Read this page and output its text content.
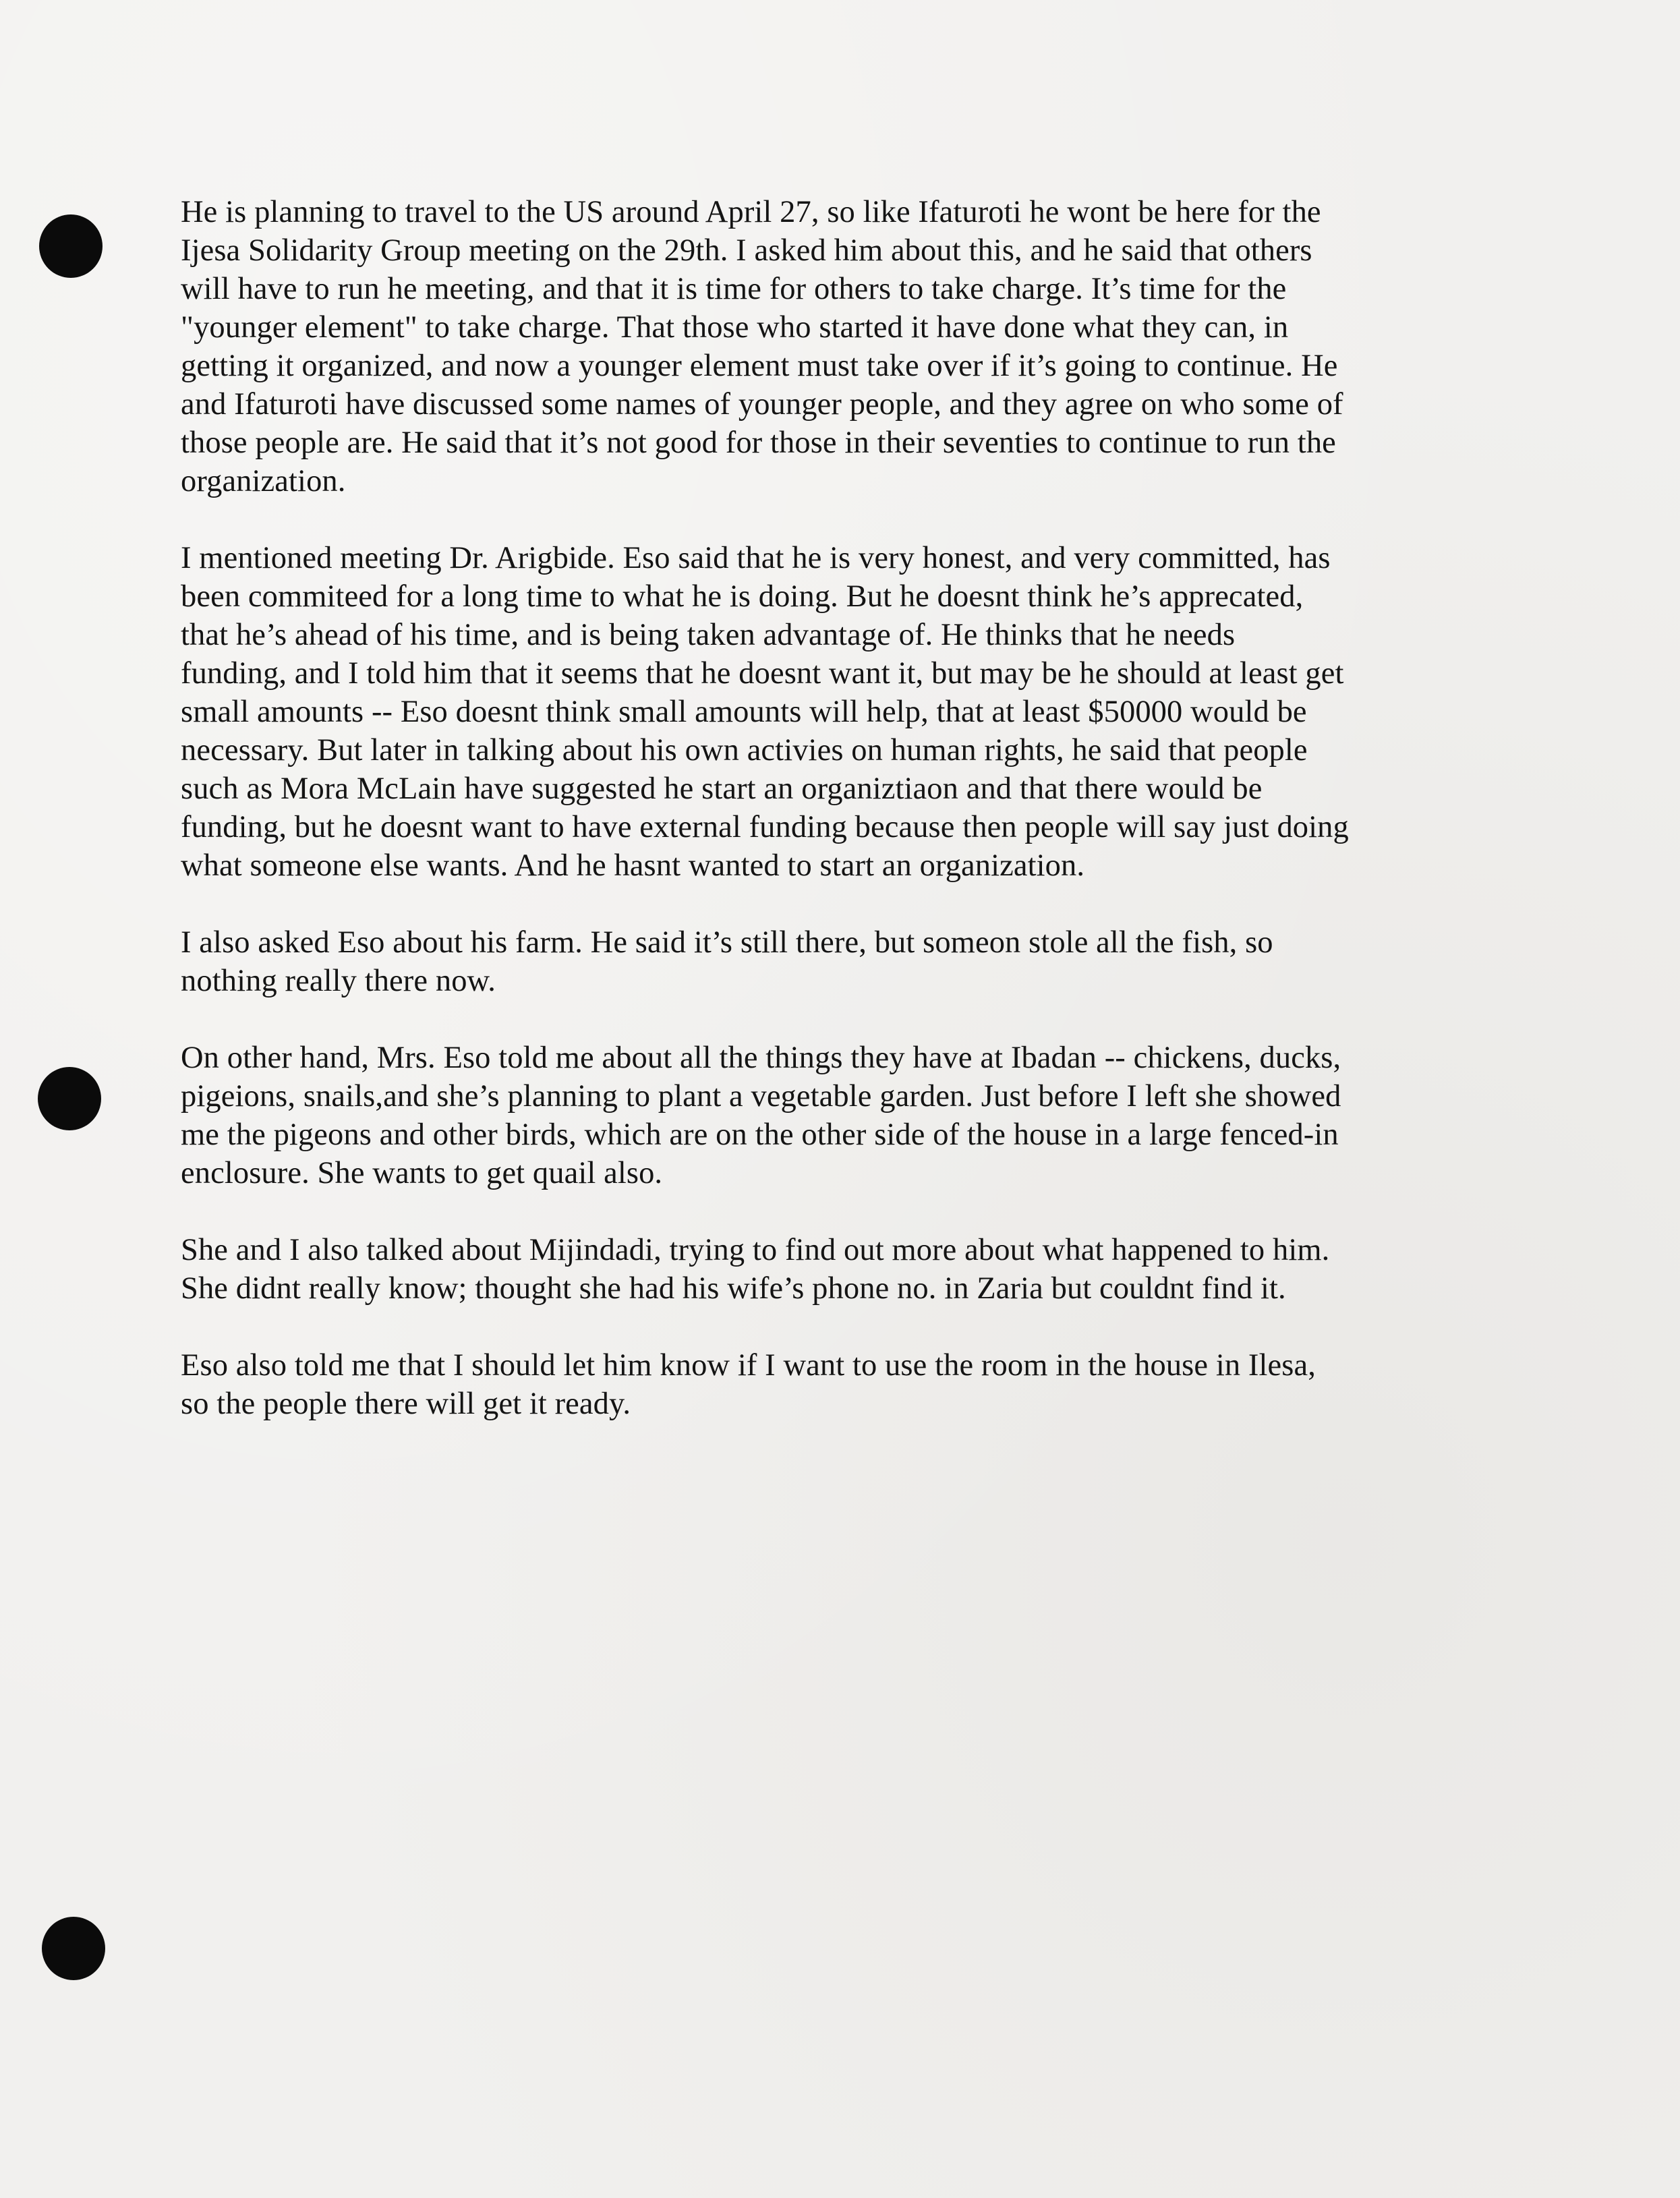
He is planning to travel to the US around April 27, so like Ifaturoti he wont be here for the
Ijesa Solidarity Group meeting on the 29th. I asked him about this, and he said that others
will have to run he meeting, and that it is time for others to take charge. It’s time for the
"younger element" to take charge. That those who started it have done what they can, in
getting it organized, and now a younger element must take over if it’s going to continue. He
and Ifaturoti have discussed some names of younger people, and they agree on who some of
those people are. He said that it’s not good for those in their seventies to continue to run the
organization.

I mentioned meeting Dr. Arigbide. Eso said that he is very honest, and very committed, has
been commiteed for a long time to what he is doing. But he doesnt think he’s apprecated,
that he’s ahead of his time, and is being taken advantage of. He thinks that he needs
funding, and I told him that it seems that he doesnt want it, but may be he should at least get
small amounts -- Eso doesnt think small amounts will help, that at least $50000 would be
necessary. But later in talking about his own activies on human rights, he said that people
such as Mora McLain have suggested he start an organiztiaon and that there would be
funding, but he doesnt want to have external funding because then people will say just doing
what someone else wants. And he hasnt wanted to start an organization.

I also asked Eso about his farm. He said it’s still there, but someon stole all the fish, so
nothing really there now.

On other hand, Mrs. Eso told me about all the things they have at Ibadan -- chickens, ducks,
pigeions, snails,and she’s planning to plant a vegetable garden. Just before I left she showed
me the pigeons and other birds, which are on the other side of the house in a large fenced-in
enclosure. She wants to get quail also.

She and I also talked about Mijindadi, trying to find out more about what happened to him.
She didnt really know; thought she had his wife’s phone no. in Zaria but couldnt find it.

Eso also told me that I should let him know if I want to use the room in the house in Ilesa,
so the people there will get it ready.
